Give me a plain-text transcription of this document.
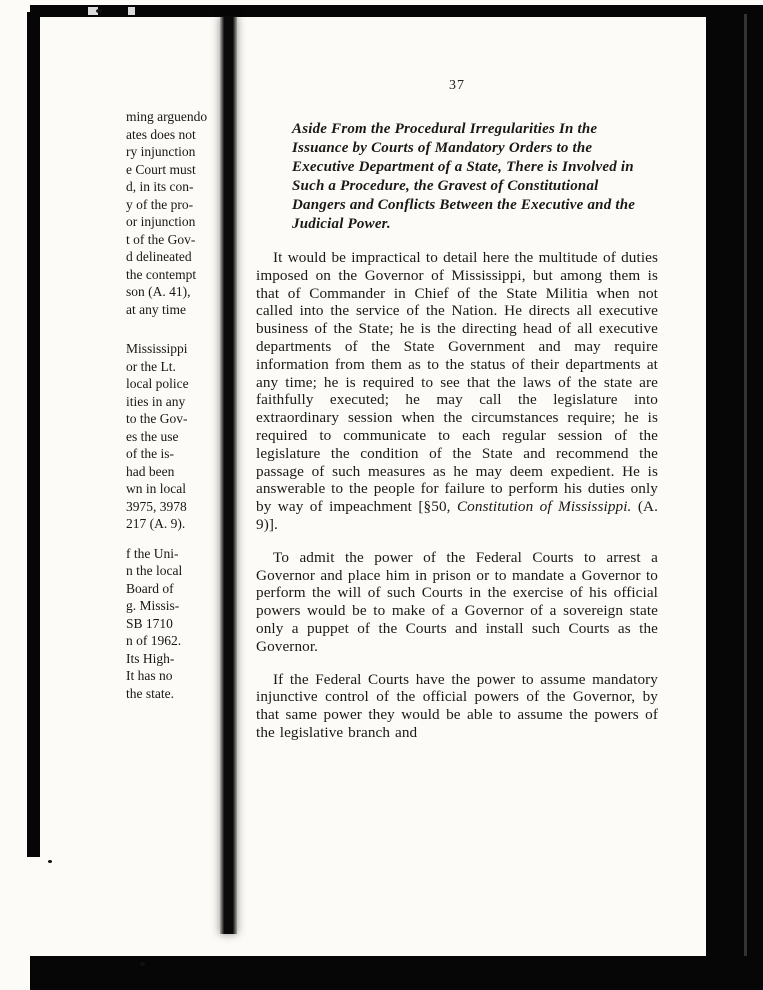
ming arguendo
ates does not
ry injunction
e Court must
d, in its con-
y of the pro-
or injunction
t of the Gov-
d delineated
the contempt
son (A. 41),
at any time
Mississippi
or the Lt.
local police
ities in any
to the Gov-
es the use
of the is-
had been
wn in local
3975, 3978
217 (A. 9).
f the Uni-
n the local
Board of
g. Missis-
SB 1710
n of 1962.
Its High-
It has no
the state.
37
Aside From the Procedural Irregularities In the Issuance by Courts of Mandatory Orders to the Executive Department of a State, There is Involved in Such a Procedure, the Gravest of Constitutional Dangers and Conflicts Between the Executive and the Judicial Power.

It would be impractical to detail here the multitude of duties imposed on the Governor of Mississippi, but among them is that of Commander in Chief of the State Militia when not called into the service of the Nation. He directs all executive business of the State; he is the directing head of all executive departments of the State Government and may require information from them as to the status of their departments at any time; he is required to see that the laws of the state are faithfully executed; he may call the legislature into extraordinary session when the circumstances require; he is required to communicate to each regular session of the legislature the condition of the State and recommend the passage of such measures as he may deem expedient. He is answerable to the people for failure to perform his duties only by way of impeachment [§50, Constitution of Mississippi. (A. 9)].

To admit the power of the Federal Courts to arrest a Governor and place him in prison or to mandate a Governor to perform the will of such Courts in the exercise of his official powers would be to make of a Governor of a sovereign state only a puppet of the Courts and install such Courts as the Governor.

If the Federal Courts have the power to assume mandatory injunctive control of the official powers of the Governor, by that same power they would be able to assume the powers of the legislative branch and
